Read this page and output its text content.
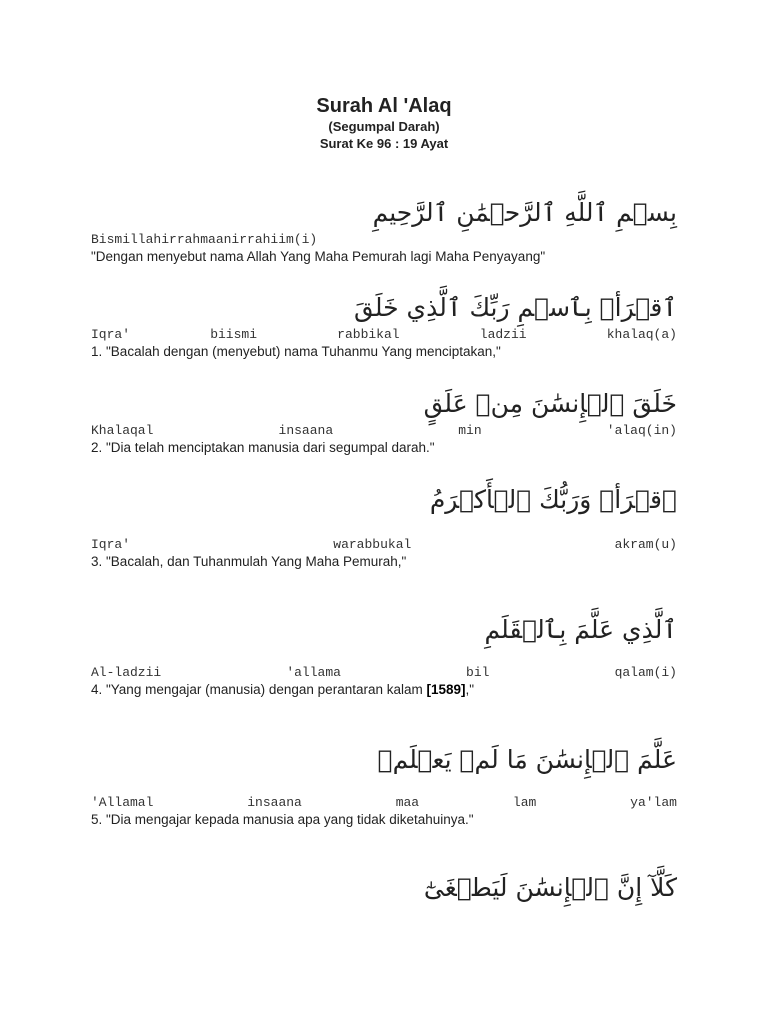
Surah Al 'Alaq
(Segumpal Darah)
Surat Ke 96 : 19 Ayat
بِسۡمِ ٱللَّهِ ٱلرَّحۡمَٰنِ ٱلرَّحِيمِ
Bismillahirrahmaanirrahiim(i)
"Dengan menyebut nama Allah Yang Maha Pemurah lagi Maha Penyayang"
ٱقۡرَأۡ بِٱسۡمِ رَبِّكَ ٱلَّذِي خَلَقَ
Iqra'	biismi	rabbikal	ladzii	khalaq(a)
1. "Bacalah dengan (menyebut) nama Tuhanmu Yang menciptakan,"
خَلَقَ ٱلۡإِنسَٰنَ مِنۡ عَلَقٍ
Khalaqal	insaana	min	'alaq(in)
2. "Dia telah menciptakan manusia dari segumpal darah."
ٱقۡرَأۡ وَرَبُّكَ ٱلۡأَكۡرَمُ
Iqra'	warabbukal	akram(u)
3. "Bacalah, dan Tuhanmulah Yang Maha Pemurah,"
ٱلَّذِي عَلَّمَ بِٱلۡقَلَمِ
Al-ladzii	'allama	bil	qalam(i)
4. "Yang mengajar (manusia) dengan perantaran kalam [1589],"
عَلَّمَ ٱلۡإِنسَٰنَ مَا لَمۡ يَعۡلَمۡ
'Allamal	insaana	maa	lam	ya'lam
5. "Dia mengajar kepada manusia apa yang tidak diketahuinya."
كَلَّآ إِنَّ ٱلۡإِنسَٰنَ لَيَطۡغَىٰٓ
